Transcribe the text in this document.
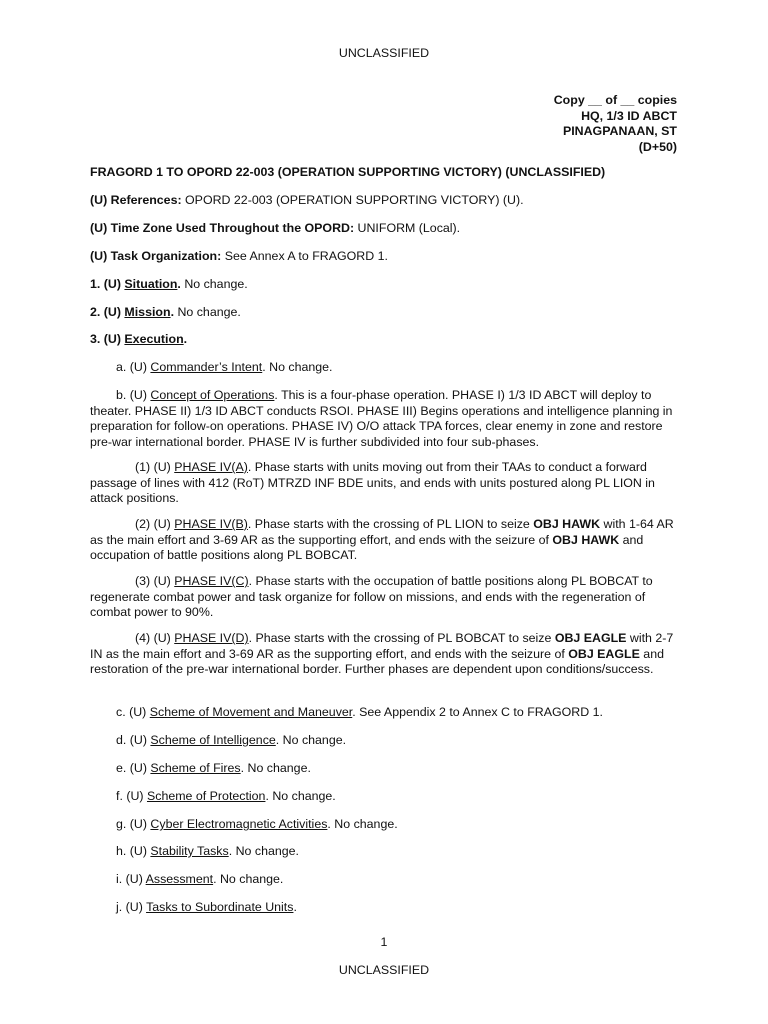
UNCLASSIFIED
Copy __ of __ copies
HQ, 1/3 ID ABCT
PINAGPANAAN, ST
(D+50)
FRAGORD 1 TO OPORD 22-003 (OPERATION SUPPORTING VICTORY) (UNCLASSIFIED)
(U) References: OPORD 22-003 (OPERATION SUPPORTING VICTORY) (U).
(U) Time Zone Used Throughout the OPORD: UNIFORM (Local).
(U) Task Organization: See Annex A to FRAGORD 1.
1. (U) Situation. No change.
2. (U) Mission. No change.
3. (U) Execution.
a. (U) Commander’s Intent. No change.
b. (U) Concept of Operations. This is a four-phase operation. PHASE I) 1/3 ID ABCT will deploy to theater. PHASE II) 1/3 ID ABCT conducts RSOI. PHASE III) Begins operations and intelligence planning in preparation for follow-on operations. PHASE IV) O/O attack TPA forces, clear enemy in zone and restore pre-war international border. PHASE IV is further subdivided into four sub-phases.
(1) (U) PHASE IV(A). Phase starts with units moving out from their TAAs to conduct a forward passage of lines with 412 (RoT) MTRZD INF BDE units, and ends with units postured along PL LION in attack positions.
(2) (U) PHASE IV(B). Phase starts with the crossing of PL LION to seize OBJ HAWK with 1-64 AR as the main effort and 3-69 AR as the supporting effort, and ends with the seizure of OBJ HAWK and occupation of battle positions along PL BOBCAT.
(3) (U) PHASE IV(C). Phase starts with the occupation of battle positions along PL BOBCAT to regenerate combat power and task organize for follow on missions, and ends with the regeneration of combat power to 90%.
(4) (U) PHASE IV(D). Phase starts with the crossing of PL BOBCAT to seize OBJ EAGLE with 2-7 IN as the main effort and 3-69 AR as the supporting effort, and ends with the seizure of OBJ EAGLE and restoration of the pre-war international border. Further phases are dependent upon conditions/success.
c. (U) Scheme of Movement and Maneuver. See Appendix 2 to Annex C to FRAGORD 1.
d. (U) Scheme of Intelligence. No change.
e. (U) Scheme of Fires. No change.
f. (U) Scheme of Protection. No change.
g. (U) Cyber Electromagnetic Activities. No change.
h. (U) Stability Tasks. No change.
i. (U) Assessment. No change.
j. (U) Tasks to Subordinate Units.
1
UNCLASSIFIED
